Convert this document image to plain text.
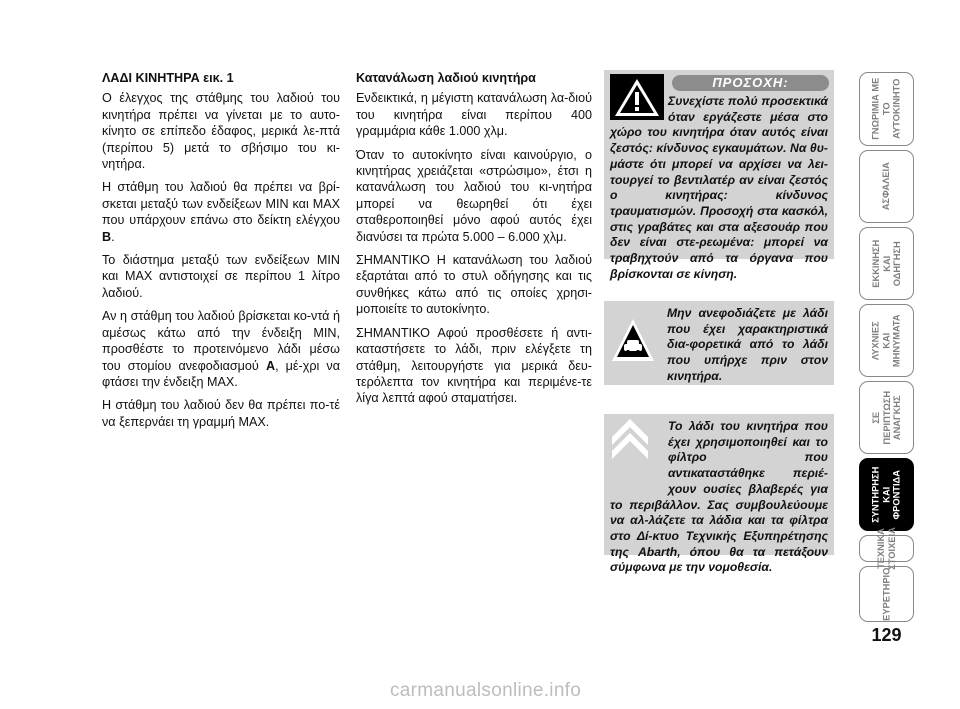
ΛΑΔΙ ΚΙΝΗΤΗΡΑ εικ. 1

Ο έλεγχος της στάθμης του λαδιού του κινητήρα πρέπει να γίνεται με το αυτο-κίνητο σε επίπεδο έδαφος, μερικά λε-πτά (περίπου 5) μετά το σβήσιμο του κι-νητήρα.

Η στάθμη του λαδιού θα πρέπει να βρί-σκεται μεταξύ των ενδείξεων MIN και MAX που υπάρχουν επάνω στο δείκτη ελέγχου B.

Το διάστημα μεταξύ των ενδείξεων MIN και MAX αντιστοιχεί σε περίπου 1 λίτρο λαδιού.

Αν η στάθμη του λαδιού βρίσκεται κο-ντά ή αμέσως κάτω από την ένδειξη MIN, προσθέστε το προτεινόμενο λάδι μέσω του στομίου ανεφοδιασμού A, μέ-χρι να φτάσει την ένδειξη MAX.

Η στάθμη του λαδιού δεν θα πρέπει πο-τέ να ξεπερνάει τη γραμμή MAX.

Κατανάλωση λαδιού κινητήρα

Ενδεικτικά, η μέγιστη κατανάλωση λα-διού του κινητήρα είναι περίπου 400 γραμμάρια κάθε 1.000 χλμ.

Όταν το αυτοκίνητο είναι καινούργιο, ο κινητήρας χρειάζεται «στρώσιμο», έτσι η κατανάλωση του λαδιού του κι-νητήρα μπορεί να θεωρηθεί ότι έχει σταθεροποιηθεί μόνο αφού αυτός έχει διανύσει τα πρώτα 5.000 – 6.000 χλμ.

ΣΗΜΑΝΤΙΚΟ Η κατανάλωση του λαδιού εξαρτάται από το στυλ οδήγησης και τις συνθήκες κάτω από τις οποίες χρησι-μοποιείτε το αυτοκίνητο.

ΣΗΜΑΝΤΙΚΟ Αφού προσθέσετε ή αντι-καταστήσετε το λάδι, πριν ελέγξετε τη στάθμη, λειτουργήστε για μερικά δευ-τερόλεπτα τον κινητήρα και περιμένε-τε λίγα λεπτά αφού σταματήσει.

ΠΡΟΣΟΧΗ:
Συνεχίστε πολύ προσεκτικά όταν εργάζεστε μέσα στο χώρο του κινητήρα όταν αυτός είναι ζεστός: κίνδυνος εγκαυμάτων. Να θυ-μάστε ότι μπορεί να αρχίσει να λει-τουργεί το βεντιλατέρ αν είναι ζεστός ο κινητήρας: κίνδυνος τραυματισμών. Προσοχή στα κασκόλ, στις γραβάτες και στα αξεσουάρ που δεν είναι στε-ρεωμένα: μπορεί να τραβηχτούν από τα όργανα που βρίσκονται σε κίνηση.
Μην ανεφοδιάζετε με λάδι που έχει χαρακτηριστικά δια-φορετικά από το λάδι που υπήρχε πριν στον κινητήρα.
Το λάδι του κινητήρα που έχει χρησιμοποιηθεί και το φίλτρο που αντικαταστάθηκε περιέ-χουν ουσίες βλαβερές για το περιβάλλον. Σας συμβουλεύουμε να αλ-λάζετε τα λάδια και τα φίλτρα στο Δί-κτυο Τεχνικής Εξυπηρέτησης της Abarth, όπου θα τα πετάξουν σύμφωνα με την νομοθεσία.
ΓΝΩΡΙΜΙΑ ΜΕ
ΤΟ
ΑΥΤΟΚΙΝΗΤΟ
ΑΣΦΑΛΕΙΑ
ΕΚΚΙΝΗΣΗ
ΚΑΙ
ΟΔΗΓΗΣΗ
ΛΥΧΝΙΕΣ
ΚΑΙ
ΜΗΝΥΜΑΤΑ
ΣΕ
ΠΕΡΙΠΤΩΣΗ
ΑΝΑΓΚΗΣ
ΣΥΝΤΗΡΗΣΗ
ΚΑΙ
ΦΡΟΝΤΙΔΑ
ΤΕΧΝΙΚΑ
ΣΤΟΙΧΕΙΑ
ΕΥΡΕΤΗΡΙΟ
129
carmanualsonline.info
